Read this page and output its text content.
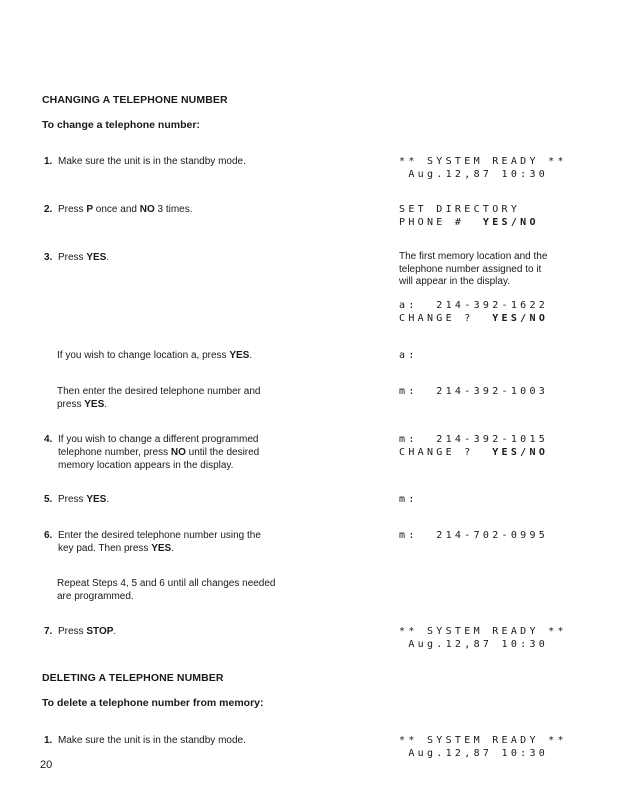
CHANGING A TELEPHONE NUMBER
To change a telephone number:
1. Make sure the unit is in the standby mode.
2. Press P once and NO 3 times.
3. Press YES.
If you wish to change location a, press YES.
Then enter the desired telephone number and
press YES.
4. If you wish to change a different programmed
telephone number, press NO until the desired
memory location appears in the display.
5. Press YES.
6. Enter the desired telephone number using the
key pad. Then press YES.
Repeat Steps 4, 5 and 6 until all changes needed
are programmed.
7. Press STOP.
DELETING A TELEPHONE NUMBER
To delete a telephone number from memory:
1. Make sure the unit is in the standby mode.
** SYSTEM READY **
Aug.12,87 10:30
SET DIRECTORY
PHONE #  YES/NO
The first memory location and the
telephone number assigned to it
will appear in the display.
a:  214-392-1622
CHANGE ?  YES/NO
a:
m:  214-392-1003
m:  214-392-1015
CHANGE ?  YES/NO
m:
m:  214-702-0995
** SYSTEM READY **
Aug.12,87 10:30
** SYSTEM READY **
Aug.12,87 10:30
20
